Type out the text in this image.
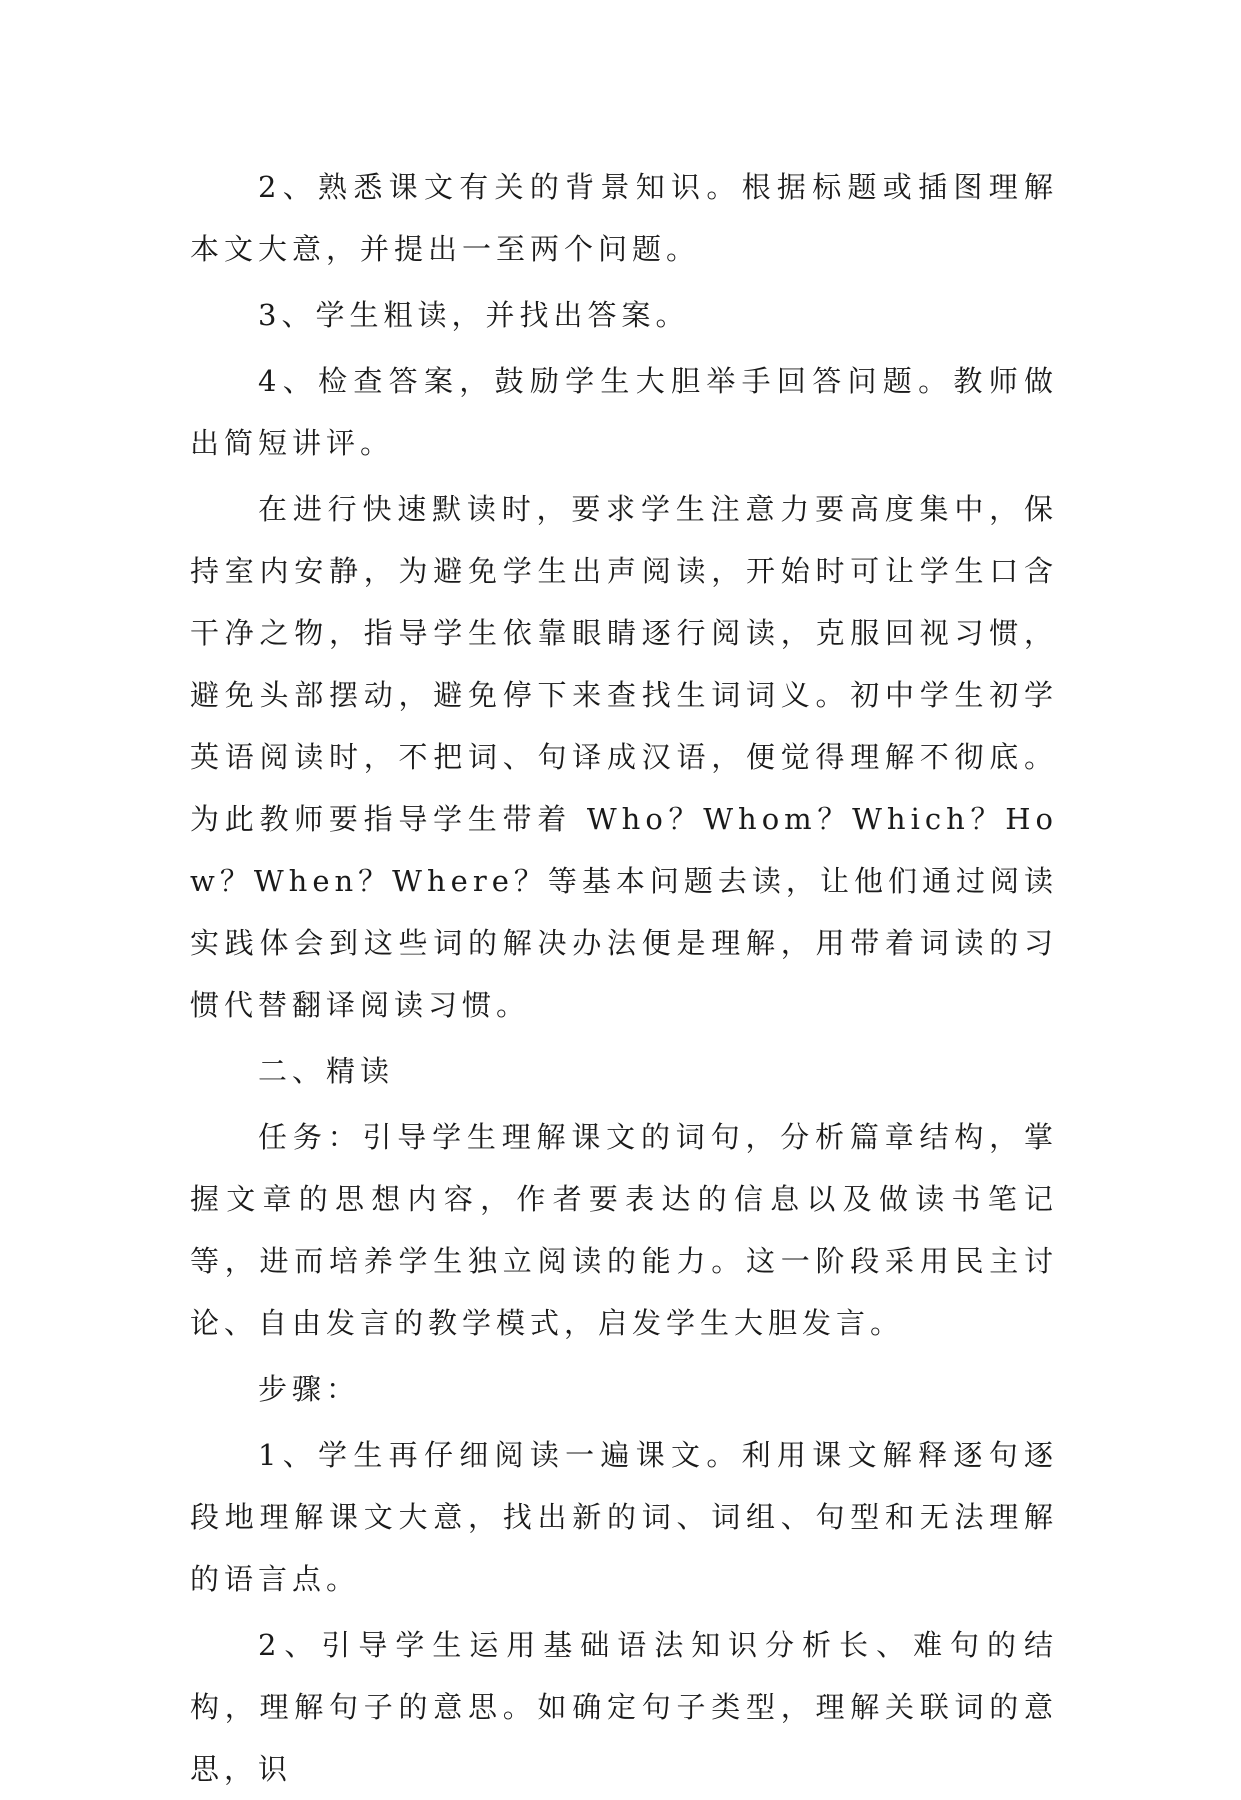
2、熟悉课文有关的背景知识。根据标题或插图理解本文大意，并提出一至两个问题。

3、学生粗读，并找出答案。

4、检查答案，鼓励学生大胆举手回答问题。教师做出简短讲评。

在进行快速默读时，要求学生注意力要高度集中，保持室内安静，为避免学生出声阅读，开始时可让学生口含干净之物，指导学生依靠眼睛逐行阅读，克服回视习惯，避免头部摆动，避免停下来查找生词词义。初中学生初学英语阅读时，不把词、句译成汉语，便觉得理解不彻底。为此教师要指导学生带着 Who？Whom？Which？How？When？Where？等基本问题去读，让他们通过阅读实践体会到这些词的解决办法便是理解，用带着词读的习惯代替翻译阅读习惯。

二、精读

任务：引导学生理解课文的词句，分析篇章结构，掌握文章的思想内容，作者要表达的信息以及做读书笔记等，进而培养学生独立阅读的能力。这一阶段采用民主讨论、自由发言的教学模式，启发学生大胆发言。

步骤：

1、学生再仔细阅读一遍课文。利用课文解释逐句逐段地理解课文大意，找出新的词、词组、句型和无法理解的语言点。

2、引导学生运用基础语法知识分析长、难句的结构，理解句子的意思。如确定句子类型，理解关联词的意思，识
